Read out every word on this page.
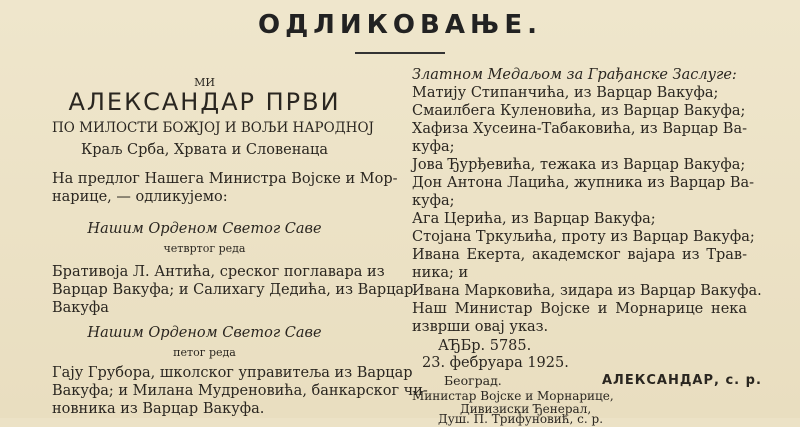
ОДЛИКОВАЊЕ.
МИ
АЛЕКСАНДАР ПРВИ
ПО МИЛОСТИ БОЖЈОЈ И ВОЉИ НАРОДНОЈ
Краљ Срба, Хрвата и Словенаца
На предлог Нашега Министра Војске и Мор-
нарице, — одликујемо:
Нашим Орденом Светог Саве
четвртог реда
Бративоја Л. Антића, среског поглавара из
Варцар Вакуфа; и Салихагу Дедића, из Варцар
Вакуфа
Нашим Орденом Свeтог Саве
петог реда
Гају Грубора, школског управитеља из Варцар
Вакуфа; и Милана Мудреновића, банкарског чи-
новника из Варцар Вакуфа.
Златном Медаљом за Грађанске Заслуге:
Матију Стипанчића, из Варцар Вакуфа;
Смаилбега Куленовића, из Варцар Вакуфа;
Хафиза Хусеина-Табаковића, из Варцар Ва-
куфа;
Јова Ђурђевића, тежака из Варцар Вакуфа;
Дон Антона Лацића, жупника из Варцар Ва-
куфа;
Ага Церића, из Варцар Вакуфа;
Стојана Тркуљића, проту из Варцар Вакуфа;
Ивана Екерта, академског вајара из Трав-
ника; и
Ивана Марковића, зидара из Варцар Вакуфа.
Наш Министар Војске и Морнарице нека
изврши овај указ.
АЂБр. 5785.
23. фебруара 1925.
Београд.	АЛЕКСАНДАР, с. р.
Министар Војске и Морнарице,
Дивизиски Ђенерал,
Душ. П. Трифуновић, с. р.
